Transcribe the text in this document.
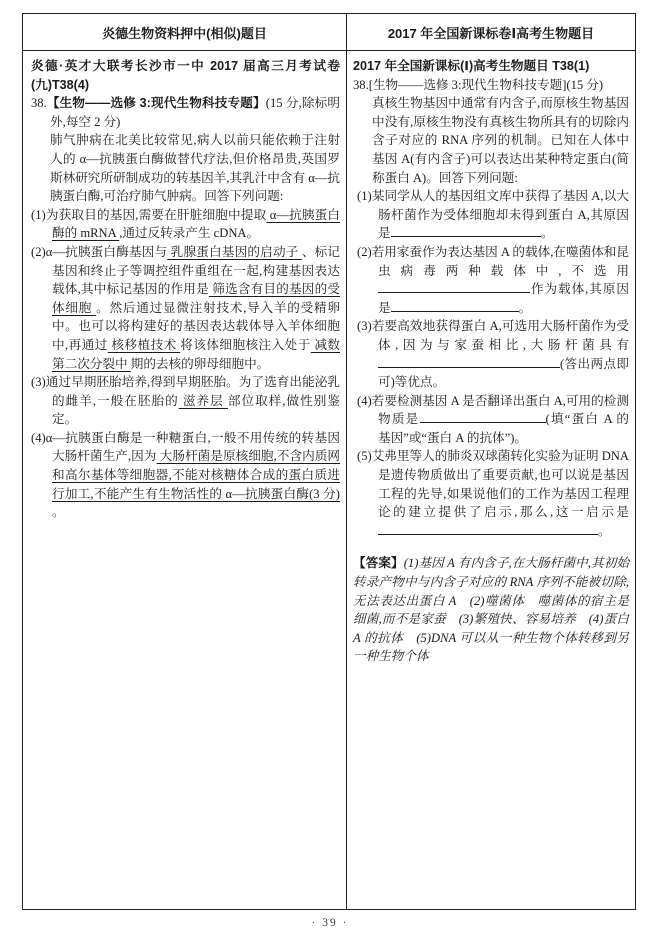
炎德生物资料押中(相似)题目	2017 年全国新课标卷Ⅰ高考生物题目

炎德·英才大联考长沙市一中 2017 届高三月考试卷(九)T38(4)

38.【生物——选修 3:现代生物科技专题】(15 分,除标明外,每空 2 分)

肺气肿病在北美比较常见,病人以前只能依赖于注射人的 α—抗胰蛋白酶做替代疗法,但价格昂贵,英国罗斯林研究所研制成功的转基因羊,其乳汁中含有 α—抗胰蛋白酶,可治疗肺气肿病。回答下列问题:

(1)为获取目的基因,需要在肝脏细胞中提取 α—抗胰蛋白酶的 mRNA ,通过反转录产生 cDNA。

(2)α—抗胰蛋白酶基因与 乳腺蛋白基因的启动子 、标记基因和终止子等调控组件重组在一起,构建基因表达载体,其中标记基因的作用是 筛选含有目的基因的受体细胞 。然后通过显微注射技术,导入羊的受精卵中。也可以将构建好的基因表达载体导入羊体细胞中,再通过 核移植技术 将该体细胞核注入处于 减数第二次分裂中 期的去核的卵母细胞中。

(3)通过早期胚胎培养,得到早期胚胎。为了选育出能泌乳的雌羊,一般在胚胎的 滋养层 部位取样,做性别鉴定。

(4)α—抗胰蛋白酶是一种糖蛋白,一般不用传统的转基因大肠杆菌生产,因为 大肠杆菌是原核细胞,不含内质网和高尔基体等细胞器,不能对核糖体合成的蛋白质进行加工,不能产生有生物活性的 α—抗胰蛋白酶(3 分) 。

2017 年全国新课标(Ⅰ)高考生物题目 T38(1)

38.[生物——选修 3:现代生物科技专题](15 分)

真核生物基因中通常有内含子,而原核生物基因中没有,原核生物没有真核生物所具有的切除内含子对应的 RNA 序列的机制。已知在人体中基因 A(有内含子)可以表达出某种特定蛋白(简称蛋白 A)。回答下列问题:

(1)某同学从人的基因组文库中获得了基因 A,以大肠杆菌作为受体细胞却未得到蛋白 A,其原因是	。

(2)若用家蚕作为表达基因 A 的载体,在噬菌体和昆虫病毒两种载体中,不选用作为载体,其原因是	。

(3)若要高效地获得蛋白 A,可选用大肠杆菌作为受体,因为与家蚕相比,大肠杆菌具有(答出两点即可)等优点。

(4)若要检测基因 A 是否翻译出蛋白 A,可用的检测物质是	(填“蛋白 A 的基因”或“蛋白 A 的抗体”)。

(5)艾弗里等人的肺炎双球菌转化实验为证明 DNA 是遗传物质做出了重要贡献,也可以说是基因工程的先导,如果说他们的工作为基因工程理论的建立提供了启示,那么,这一启示是。

【答案】(1)基因 A 有内含子,在大肠杆菌中,其初始转录产物中与内含子对应的 RNA 序列不能被切除,无法表达出蛋白 A　(2)噬菌体　噬菌体的宿主是细菌,而不是家蚕　(3)繁殖快、容易培养　(4)蛋白 A 的抗体　(5)DNA 可以从一种生物个体转移到另一种生物个体

· 39 ·
